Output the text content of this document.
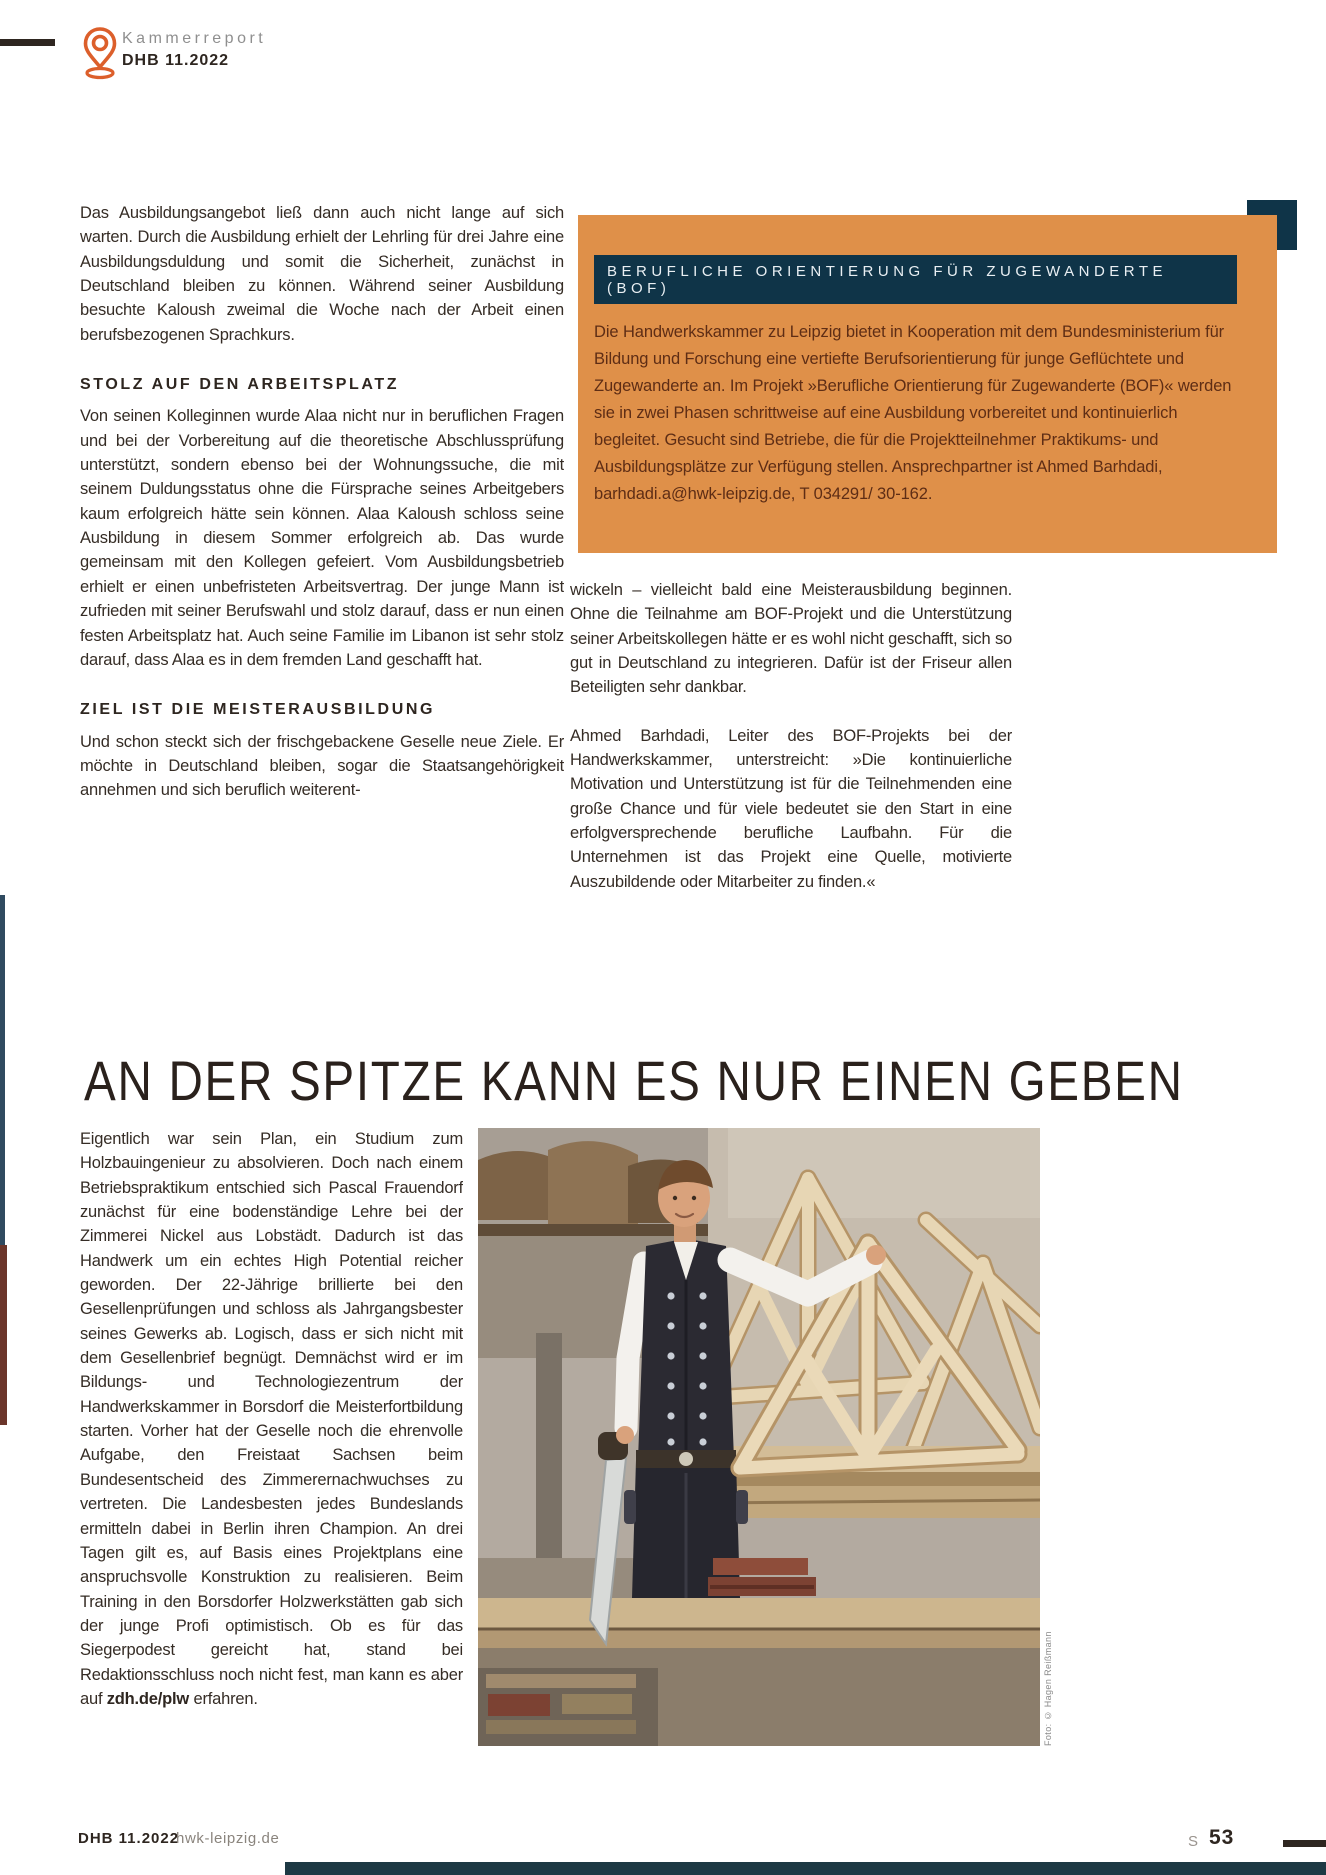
Kammerreport
DHB 11.2022

Das Ausbildungsangebot ließ dann auch nicht lange auf sich warten. Durch die Ausbildung erhielt der Lehrling für drei Jahre eine Ausbildungsduldung und somit die Sicherheit, zunächst in Deutschland bleiben zu können. Während seiner Ausbildung besuchte Kaloush zweimal die Woche nach der Arbeit einen berufsbezogenen Sprachkurs.

STOLZ AUF DEN ARBEITSPLATZ

Von seinen Kolleginnen wurde Alaa nicht nur in beruflichen Fragen und bei der Vorbereitung auf die theoretische Abschlussprüfung unterstützt, sondern ebenso bei der Wohnungssuche, die mit seinem Duldungsstatus ohne die Fürsprache seines Arbeitgebers kaum erfolgreich hätte sein können. Alaa Kaloush schloss seine Ausbildung in diesem Sommer erfolgreich ab. Das wurde gemeinsam mit den Kollegen gefeiert. Vom Ausbildungsbetrieb erhielt er einen unbefristeten Arbeitsvertrag. Der junge Mann ist zufrieden mit seiner Berufswahl und stolz darauf, dass er nun einen festen Arbeitsplatz hat. Auch seine Familie im Libanon ist sehr stolz darauf, dass Alaa es in dem fremden Land geschafft hat.

ZIEL IST DIE MEISTERAUSBILDUNG

Und schon steckt sich der frischgebackene Geselle neue Ziele. Er möchte in Deutschland bleiben, sogar die Staatsangehörigkeit annehmen und sich beruflich weiterent-

BERUFLICHE ORIENTIERUNG FÜR ZUGEWANDERTE (BOF)
Die Handwerkskammer zu Leipzig bietet in Kooperation mit dem Bundesministerium für Bildung und Forschung eine vertiefte Berufsorientierung für junge Geflüchtete und Zugewanderte an. Im Projekt »Berufliche Orientierung für Zugewanderte (BOF)« werden sie in zwei Phasen schrittweise auf eine Ausbildung vorbereitet und kontinuierlich begleitet. Gesucht sind Betriebe, die für die Projektteilnehmer Praktikums- und Ausbildungsplätze zur Verfügung stellen. Ansprechpartner ist Ahmed Barhdadi, barhdadi.a@hwk-leipzig.de, T 034291/ 30-162.

wickeln – vielleicht bald eine Meisterausbildung beginnen. Ohne die Teilnahme am BOF-Projekt und die Unterstützung seiner Arbeitskollegen hätte er es wohl nicht geschafft, sich so gut in Deutschland zu integrieren. Dafür ist der Friseur allen Beteiligten sehr dankbar.

Ahmed Barhdadi, Leiter des BOF-Projekts bei der Handwerkskammer, unterstreicht: »Die kontinuierliche Motivation und Unterstützung ist für die Teilnehmenden eine große Chance und für viele bedeutet sie den Start in eine erfolgversprechende berufliche Laufbahn. Für die Unternehmen ist das Projekt eine Quelle, motivierte Auszubildende oder Mitarbeiter zu finden.«

AN DER SPITZE KANN ES NUR EINEN GEBEN

Eigentlich war sein Plan, ein Studium zum Holzbauingenieur zu absolvieren. Doch nach einem Betriebspraktikum entschied sich Pascal Frauendorf zunächst für eine bodenständige Lehre bei der Zimmerei Nickel aus Lobstädt. Dadurch ist das Handwerk um ein echtes High Potential reicher geworden. Der 22-Jährige brillierte bei den Gesellenprüfungen und schloss als Jahrgangsbester seines Gewerks ab. Logisch, dass er sich nicht mit dem Gesellenbrief begnügt. Demnächst wird er im Bildungs- und Technologiezentrum der Handwerkskammer in Borsdorf die Meisterfortbildung starten. Vorher hat der Geselle noch die ehrenvolle Aufgabe, den Freistaat Sachsen beim Bundesentscheid des Zimmerernachwuchses zu vertreten. Die Landesbesten jedes Bundeslands ermitteln dabei in Berlin ihren Champion. An drei Tagen gilt es, auf Basis eines Projektplans eine anspruchsvolle Konstruktion zu realisieren. Beim Training in den Borsdorfer Holzwerkstätten gab sich der junge Profi optimistisch. Ob es für das Siegerpodest gereicht hat, stand bei Redaktionsschluss noch nicht fest, man kann es aber auf zdh.de/plw erfahren.	Foto: © Hagen Reißmann
DHB 11.2022
hwk-leipzig.de	S 53
